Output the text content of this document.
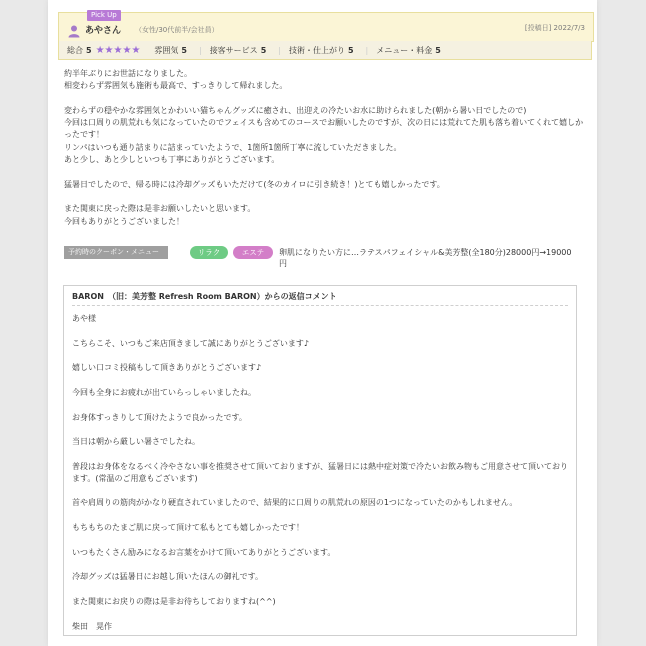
Pick Up
あやさん （女性/30代前半/会社員）	[投稿日] 2022/7/3
総合 5 ★★★★★ 雰囲気 5 | 接客サービス 5 | 技術・仕上がり 5 | メニュー・料金 5

約半年ぶりにお世話になりました。

相変わらず雰囲気も施術も最高で、すっきりして帰れました。

変わらずの穏やかな雰囲気とかわいい猫ちゃんグッズに癒され、出迎えの冷たいお水に助けられました(朝から暑い日でしたので)

今回は口周りの肌荒れも気になっていたのでフェイスも含めてのコースでお願いしたのですが、次の日には荒れてた肌も落ち着いてくれて嬉しかったです！

リンパはいつも通り詰まりに詰まっていたようで、1箇所1箇所丁寧に流していただきました。

あと少し、あと少しといつも丁寧にありがとうございます。

猛暑日でしたので、帰る時には冷却グッズもいただけて(冬のカイロに引き続き！)とても嬉しかったです。

また関東に戻った際は是非お願いしたいと思います。

今回もありがとうございました！

予約時のクーポン・メニュー	リラク	エステ	卵肌になりたい方に…ラテスパフェイシャル&美芳整(全180分)28000円→19000円
BARON　（旧：美芳整 Refresh Room BARON）からの返信コメント

あや様

こちらこそ、いつもご来店頂きまして誠にありがとうございます♪

嬉しい口コミ投稿もして頂きありがとうございます♪

今回も全身にお疲れが出ていらっしゃいましたね。

お身体すっきりして頂けたようで良かったです。

当日は朝から厳しい暑さでしたね。

普段はお身体をなるべく冷やさない事を推奨させて頂いておりますが、猛暑日には熱中症対策で冷たいお飲み物もご用意させて頂いております。(常温のご用意もございます)

首や肩周りの筋肉がかなり硬直されていましたので、結果的に口周りの肌荒れの原因の1つになっていたのかもしれません。

もちもちのたまご肌に戻って頂けて私もとても嬉しかったです！

いつもたくさん励みになるお言葉をかけて頂いてありがとうございます。

冷却グッズは猛暑日にお越し頂いたほんの御礼です。

また関東にお戻りの際は是非お待ちしておりますね(^^)

柴田　晃作
